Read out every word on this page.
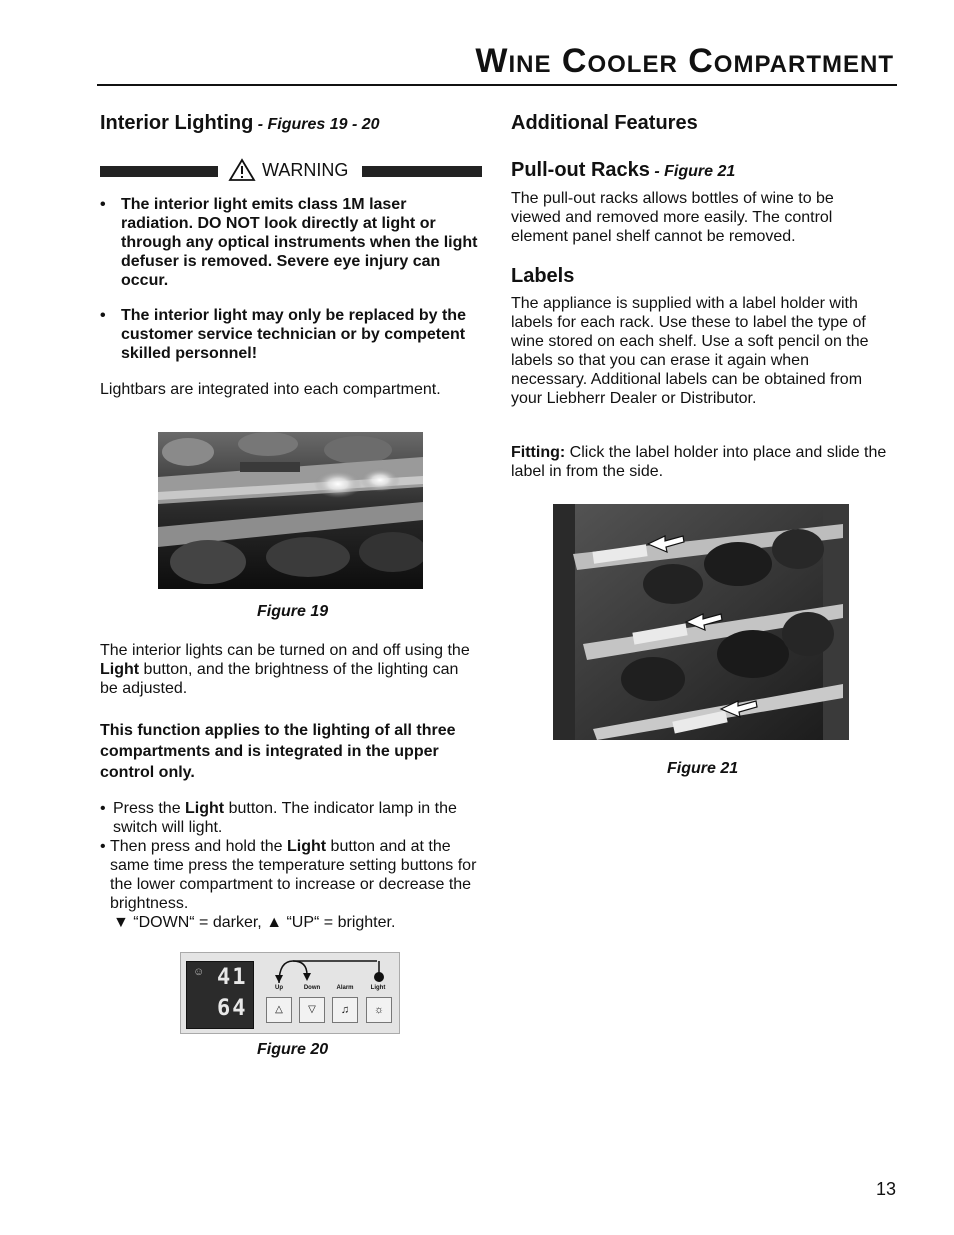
Wine Cooler Compartment
Interior Lighting - Figures 19 - 20
WARNING
• The interior light emits class 1M laser radiation. DO NOT look directly at light or through any optical instruments when the light defuser is removed. Severe eye injury can occur.
• The interior light may only be replaced by the customer service technician or by competent skilled personnel!

Lightbars are integrated into each compartment.

Figure 19

The interior lights can be turned on and off using the Light button, and the brightness of the lighting can be adjusted.

This function applies to the lighting of all three compartments and is integrated in the upper control only.

• Press the Light button. The indicator lamp in the switch will light.
• Then press and hold the Light button and at the same time press the temperature setting buttons for the lower compartment to increase or decrease the brightness.
▼ “DOWN“ = darker, ▲ “UP“ = brighter.
☺ 41
64
Up	Down	Alarm	Light
△	▽	♫	☼
Figure 20
Additional Features
Pull-out Racks - Figure 21

The pull-out racks allows bottles of wine to be viewed and removed more easily. The control element panel shelf cannot be removed.

Labels

The appliance is supplied with a label holder with labels for each rack. Use these to label the type of wine stored on each shelf. Use a soft pencil on the labels so that you can erase it again when necessary. Additional labels can be obtained from your Liebherr Dealer or Distributor.

Fitting: Click the label holder into place and slide the label in from the side.

Figure 21
13
